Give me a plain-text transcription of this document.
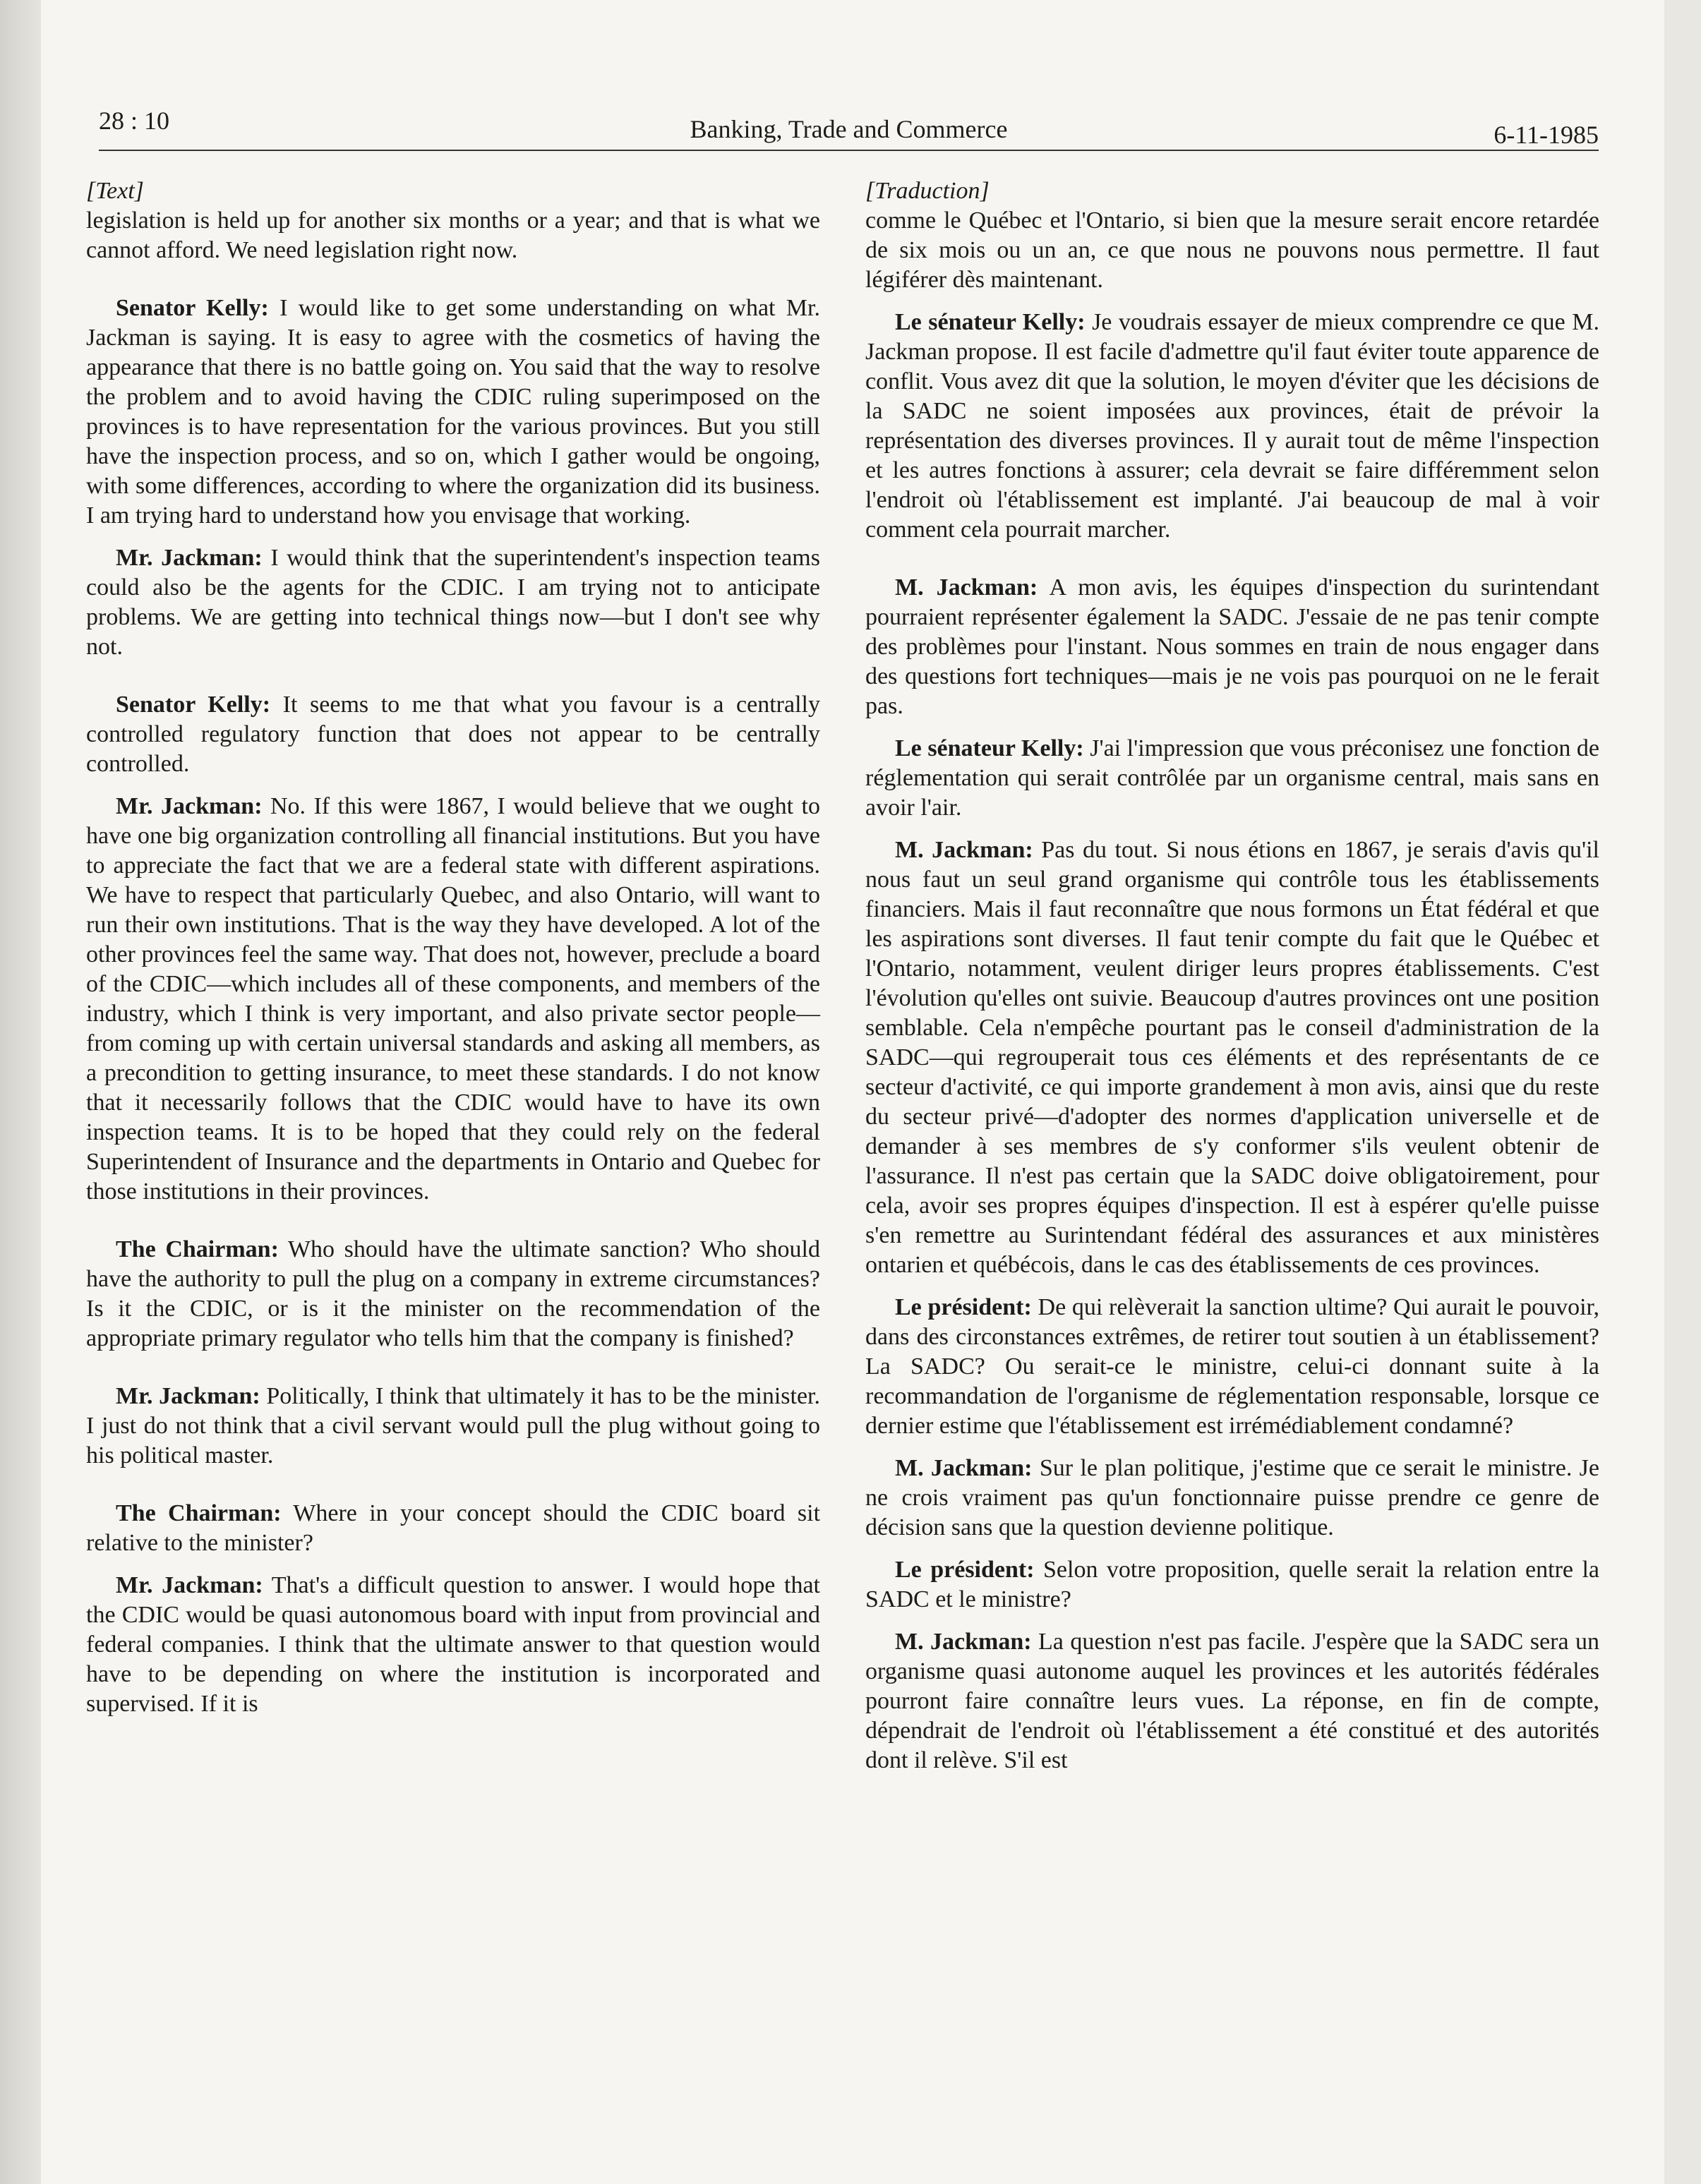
28 : 10	Banking, Trade and Commerce	6-11-1985
[Text]

legislation is held up for another six months or a year; and that is what we cannot afford. We need legislation right now.

Senator Kelly: I would like to get some understanding on what Mr. Jackman is saying. It is easy to agree with the cosmetics of having the appearance that there is no battle going on. You said that the way to resolve the problem and to avoid having the CDIC ruling superimposed on the provinces is to have representation for the various provinces. But you still have the inspection process, and so on, which I gather would be ongoing, with some differences, according to where the organization did its business. I am trying hard to understand how you envisage that working.

Mr. Jackman: I would think that the superintendent's inspection teams could also be the agents for the CDIC. I am trying not to anticipate problems. We are getting into technical things now—but I don't see why not.

Senator Kelly: It seems to me that what you favour is a centrally controlled regulatory function that does not appear to be centrally controlled.

Mr. Jackman: No. If this were 1867, I would believe that we ought to have one big organization controlling all financial institutions. But you have to appreciate the fact that we are a federal state with different aspirations. We have to respect that particularly Quebec, and also Ontario, will want to run their own institutions. That is the way they have developed. A lot of the other provinces feel the same way. That does not, however, preclude a board of the CDIC—which includes all of these components, and members of the industry, which I think is very important, and also private sector people—from coming up with certain universal standards and asking all members, as a precondition to getting insurance, to meet these standards. I do not know that it necessarily follows that the CDIC would have to have its own inspection teams. It is to be hoped that they could rely on the federal Superintendent of Insurance and the departments in Ontario and Quebec for those institutions in their provinces.

The Chairman: Who should have the ultimate sanction? Who should have the authority to pull the plug on a company in extreme circumstances? Is it the CDIC, or is it the minister on the recommendation of the appropriate primary regulator who tells him that the company is finished?

Mr. Jackman: Politically, I think that ultimately it has to be the minister. I just do not think that a civil servant would pull the plug without going to his political master.

The Chairman: Where in your concept should the CDIC board sit relative to the minister?

Mr. Jackman: That's a difficult question to answer. I would hope that the CDIC would be quasi autonomous board with input from provincial and federal companies. I think that the ultimate answer to that question would have to be depending on where the institution is incorporated and supervised. If it is

[Traduction]

comme le Québec et l'Ontario, si bien que la mesure serait encore retardée de six mois ou un an, ce que nous ne pouvons nous permettre. Il faut légiférer dès maintenant.

Le sénateur Kelly: Je voudrais essayer de mieux comprendre ce que M. Jackman propose. Il est facile d'admettre qu'il faut éviter toute apparence de conflit. Vous avez dit que la solution, le moyen d'éviter que les décisions de la SADC ne soient imposées aux provinces, était de prévoir la représentation des diverses provinces. Il y aurait tout de même l'inspection et les autres fonctions à assurer; cela devrait se faire différemment selon l'endroit où l'établissement est implanté. J'ai beaucoup de mal à voir comment cela pourrait marcher.

M. Jackman: A mon avis, les équipes d'inspection du surintendant pourraient représenter également la SADC. J'essaie de ne pas tenir compte des problèmes pour l'instant. Nous sommes en train de nous engager dans des questions fort techniques—mais je ne vois pas pourquoi on ne le ferait pas.

Le sénateur Kelly: J'ai l'impression que vous préconisez une fonction de réglementation qui serait contrôlée par un organisme central, mais sans en avoir l'air.

M. Jackman: Pas du tout. Si nous étions en 1867, je serais d'avis qu'il nous faut un seul grand organisme qui contrôle tous les établissements financiers. Mais il faut reconnaître que nous formons un État fédéral et que les aspirations sont diverses. Il faut tenir compte du fait que le Québec et l'Ontario, notamment, veulent diriger leurs propres établissements. C'est l'évolution qu'elles ont suivie. Beaucoup d'autres provinces ont une position semblable. Cela n'empêche pourtant pas le conseil d'administration de la SADC—qui regrouperait tous ces éléments et des représentants de ce secteur d'activité, ce qui importe grandement à mon avis, ainsi que du reste du secteur privé—d'adopter des normes d'application universelle et de demander à ses membres de s'y conformer s'ils veulent obtenir de l'assurance. Il n'est pas certain que la SADC doive obligatoirement, pour cela, avoir ses propres équipes d'inspection. Il est à espérer qu'elle puisse s'en remettre au Surintendant fédéral des assurances et aux ministères ontarien et québécois, dans le cas des établissements de ces provinces.

Le président: De qui relèverait la sanction ultime? Qui aurait le pouvoir, dans des circonstances extrêmes, de retirer tout soutien à un établissement? La SADC? Ou serait-ce le ministre, celui-ci donnant suite à la recommandation de l'organisme de réglementation responsable, lorsque ce dernier estime que l'établissement est irrémédiablement condamné?

M. Jackman: Sur le plan politique, j'estime que ce serait le ministre. Je ne crois vraiment pas qu'un fonctionnaire puisse prendre ce genre de décision sans que la question devienne politique.

Le président: Selon votre proposition, quelle serait la relation entre la SADC et le ministre?

M. Jackman: La question n'est pas facile. J'espère que la SADC sera un organisme quasi autonome auquel les provinces et les autorités fédérales pourront faire connaître leurs vues. La réponse, en fin de compte, dépendrait de l'endroit où l'établissement a été constitué et des autorités dont il relève. S'il est
